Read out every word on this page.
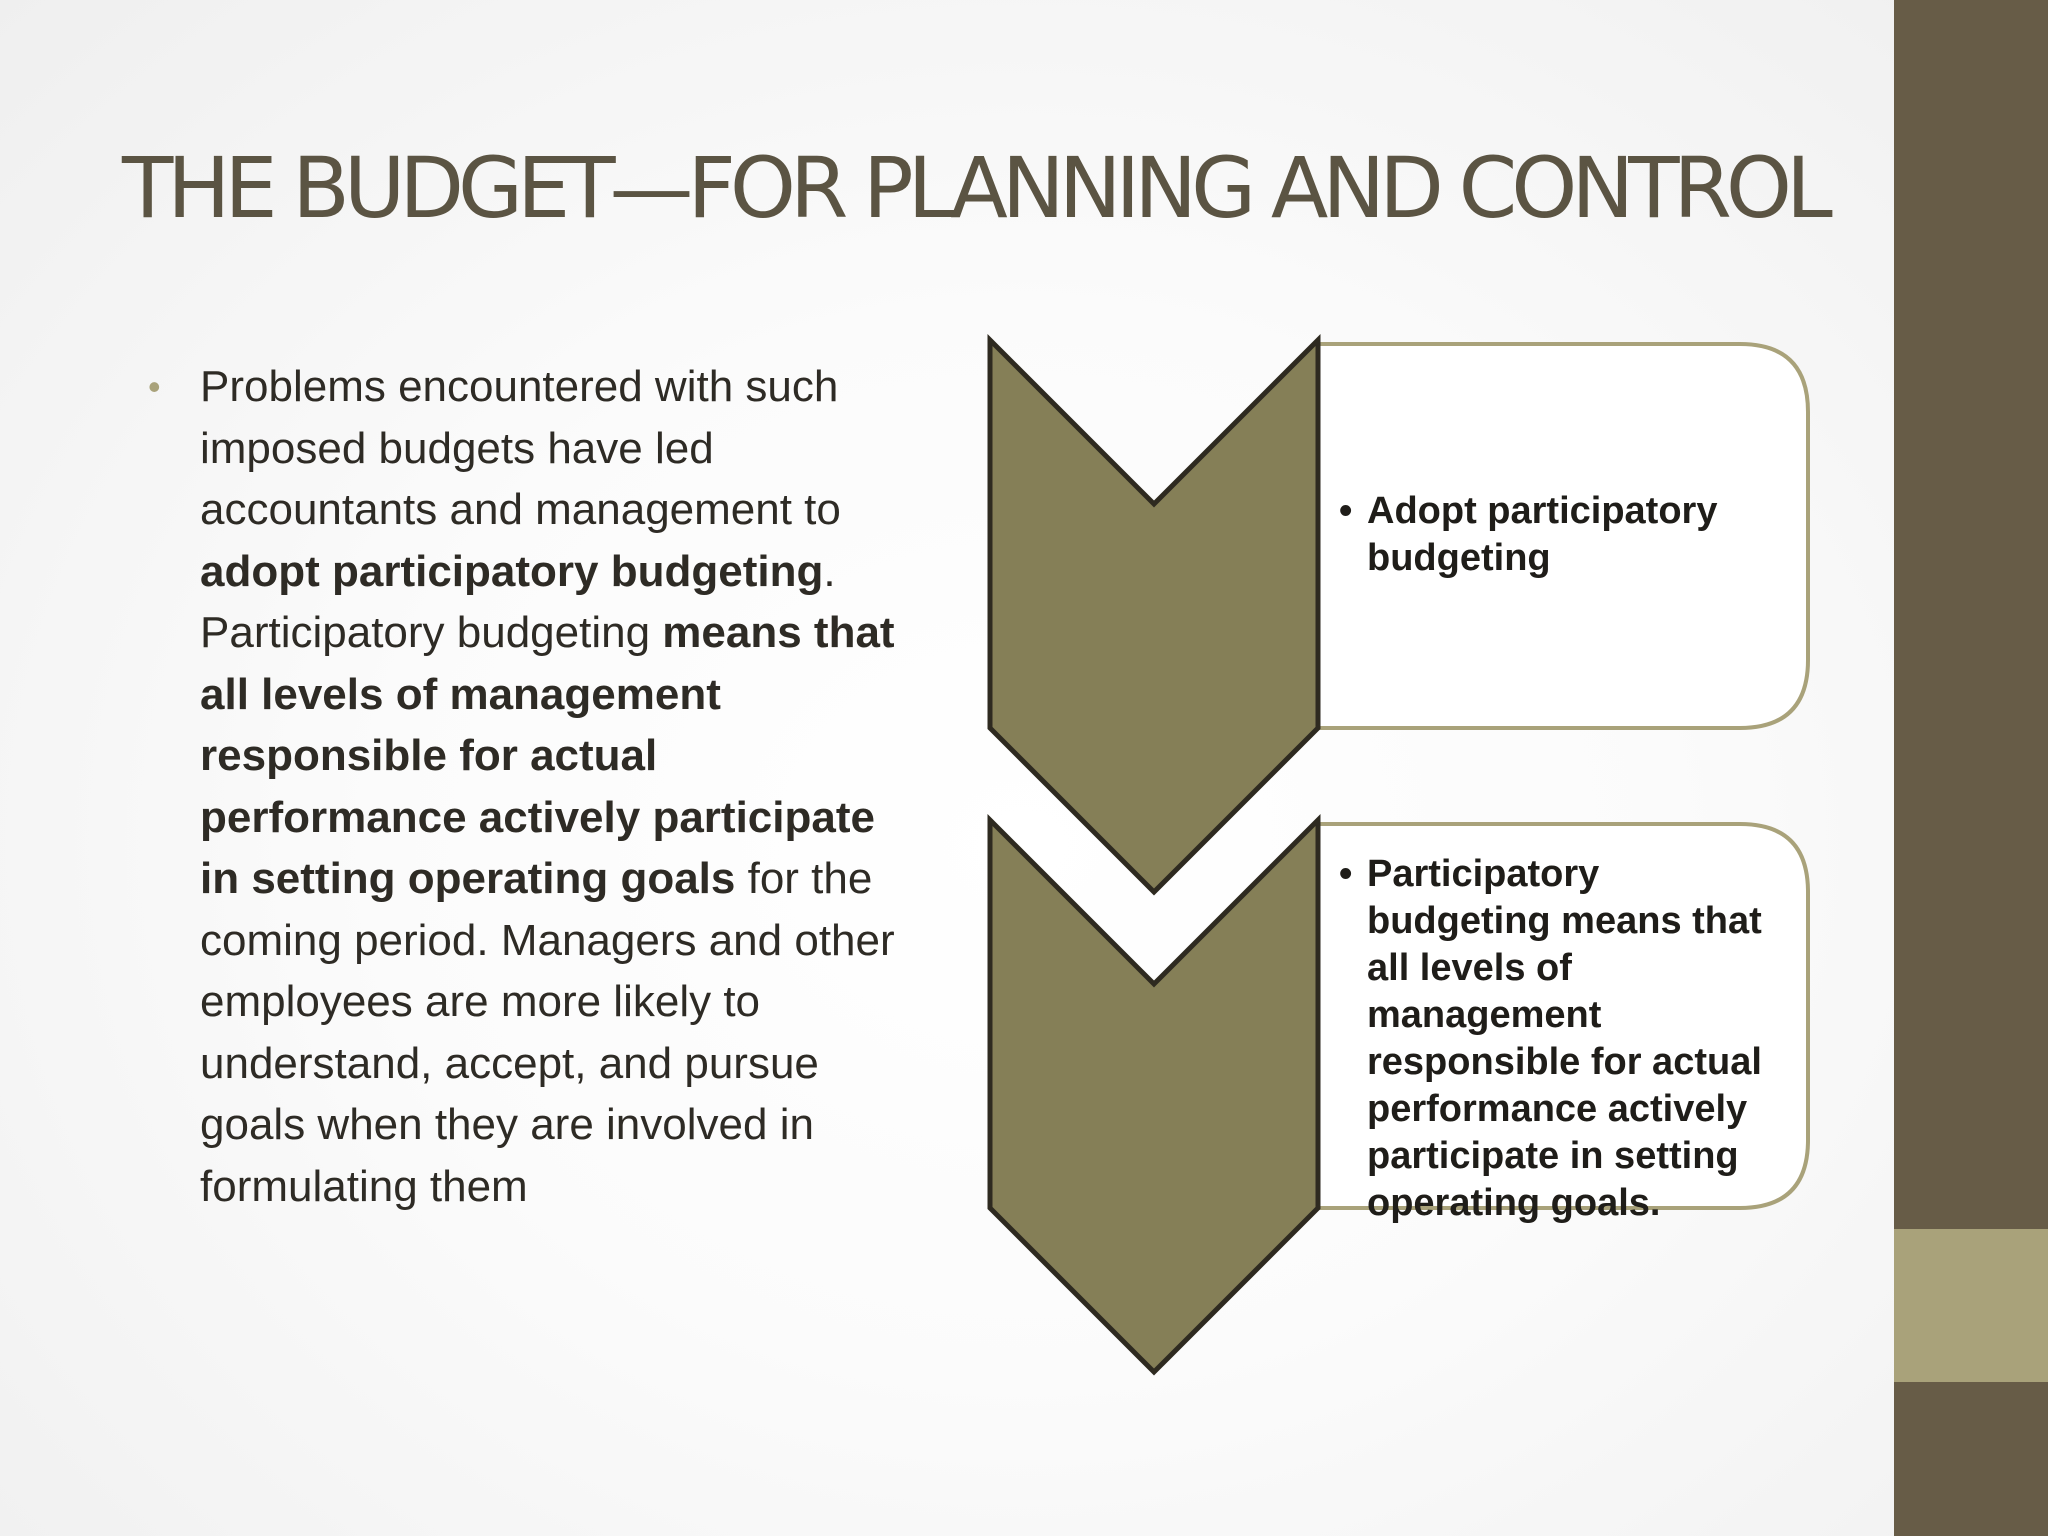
THE BUDGET—FOR PLANNING AND CONTROL
• Problems encountered with such imposed budgets have led accountants and management to adopt participatory budgeting. Participatory budgeting means that all levels of management responsible for actual performance actively participate in setting operating goals for the coming period. Managers and other employees are more likely to understand, accept, and pursue goals when they are involved in formulating them
• Adopt participatory budgeting
• Participatory budgeting means that all levels of management responsible for actual performance actively participate in setting operating goals.
